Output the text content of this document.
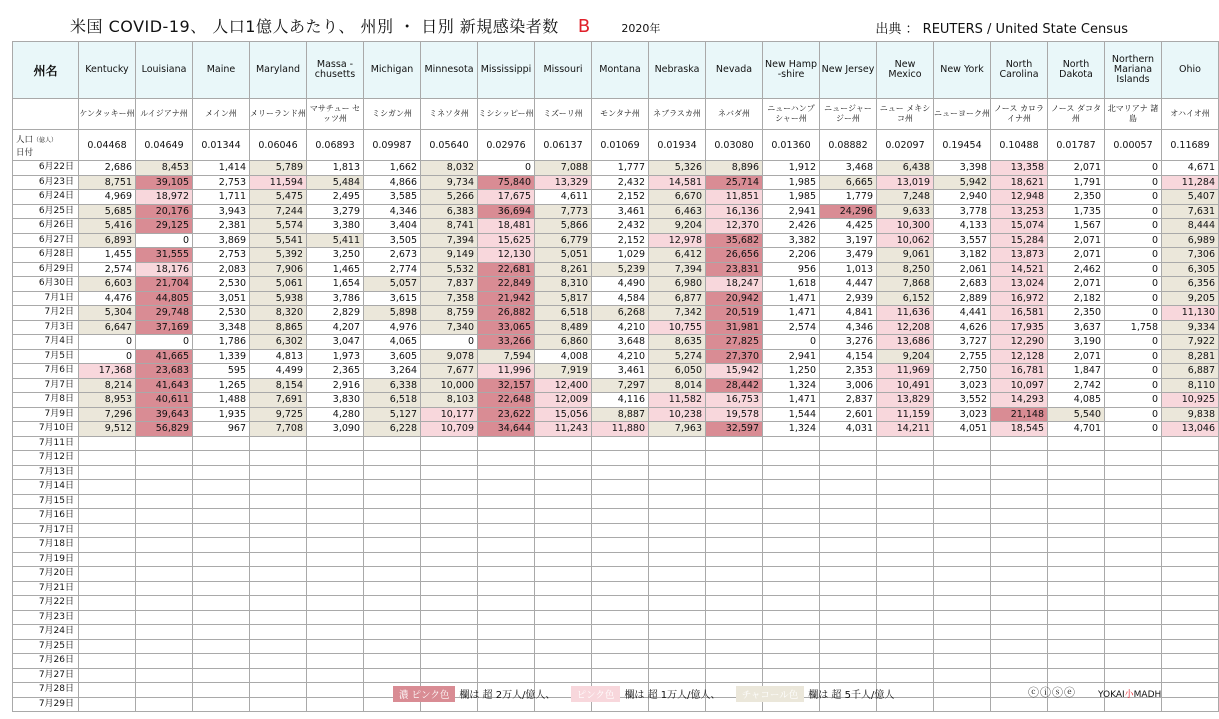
米国 COVID-19、 人口1億人あたり、 州別 ・ 日別 新規感染者数 B	2020年	出典 ： REUTERS / United State Census
州名	Kentucky	Louisiana	Maine	Maryland	Massa -chusetts	Michigan	Minnesota	Mississippi	Missouri	Montana	Nebraska	Nevada	New Hamp -shire	New Jersey	New Mexico	New York	North Carolina	North Dakota	Northern Mariana Islands	Ohio
	ケンタッキー州	ルイジアナ州	メイン州	メリーランド州	マサチュー セッツ州	ミシガン州	ミネソタ州	ミシシッピー州	ミズーリ州	モンタナ州	ネブラスカ州	ネバダ州	ニューハンプ シャー州	ニュージャー ジー州	ニュー メキシコ州	ニューヨーク州	ノース カロライナ州	ノース ダコタ州	北マリアナ 諸島	オハイオ州

人口（億人）
日付	0.04468	0.04649	0.01344	0.06046	0.06893	0.09987	0.05640	0.02976	0.06137	0.01069	0.01934	0.03080	0.01360	0.08882	0.02097	0.19454	0.10488	0.01787	0.00057	0.11689
6月22日	2,686	8,453	1,414	5,789	1,813	1,662	8,032	0	7,088	1,777	5,326	8,896	1,912	3,468	6,438	3,398	13,358	2,071	0	4,671
6月23日	8,751	39,105	2,753	11,594	5,484	4,866	9,734	75,840	13,329	2,432	14,581	25,714	1,985	6,665	13,019	5,942	18,621	1,791	0	11,284
6月24日	4,969	18,972	1,711	5,475	2,495	3,585	5,266	17,675	4,611	2,152	6,670	11,851	1,985	1,779	7,248	2,940	12,948	2,350	0	5,407
6月25日	5,685	20,176	3,943	7,244	3,279	4,346	6,383	36,694	7,773	3,461	6,463	16,136	2,941	24,296	9,633	3,778	13,253	1,735	0	7,631
6月26日	5,416	29,125	2,381	5,574	3,380	3,404	8,741	18,481	5,866	2,432	9,204	12,370	2,426	4,425	10,300	4,133	15,074	1,567	0	8,444
6月27日	6,893	0	3,869	5,541	5,411	3,505	7,394	15,625	6,779	2,152	12,978	35,682	3,382	3,197	10,062	3,557	15,284	2,071	0	6,989
6月28日	1,455	31,555	2,753	5,392	3,250	2,673	9,149	12,130	5,051	1,029	6,412	26,656	2,206	3,479	9,061	3,182	13,873	2,071	0	7,306
6月29日	2,574	18,176	2,083	7,906	1,465	2,774	5,532	22,681	8,261	5,239	7,394	23,831	956	1,013	8,250	2,061	14,521	2,462	0	6,305
6月30日	6,603	21,704	2,530	5,061	1,654	5,057	7,837	22,849	8,310	4,490	6,980	18,247	1,618	4,447	7,868	2,683	13,024	2,071	0	6,356
7月1日	4,476	44,805	3,051	5,938	3,786	3,615	7,358	21,942	5,817	4,584	6,877	20,942	1,471	2,939	6,152	2,889	16,972	2,182	0	9,205
7月2日	5,304	29,748	2,530	8,320	2,829	5,898	8,759	26,882	6,518	6,268	7,342	20,519	1,471	4,841	11,636	4,441	16,581	2,350	0	11,130
7月3日	6,647	37,169	3,348	8,865	4,207	4,976	7,340	33,065	8,489	4,210	10,755	31,981	2,574	4,346	12,208	4,626	17,935	3,637	1,758	9,334
7月4日	0	0	1,786	6,302	3,047	4,065	0	33,266	6,860	3,648	8,635	27,825	0	3,276	13,686	3,727	12,290	3,190	0	7,922
7月5日	0	41,665	1,339	4,813	1,973	3,605	9,078	7,594	4,008	4,210	5,274	27,370	2,941	4,154	9,204	2,755	12,128	2,071	0	8,281
7月6日	17,368	23,683	595	4,499	2,365	3,264	7,677	11,996	7,919	3,461	6,050	15,942	1,250	2,353	11,969	2,750	16,781	1,847	0	6,887
7月7日	8,214	41,643	1,265	8,154	2,916	6,338	10,000	32,157	12,400	7,297	8,014	28,442	1,324	3,006	10,491	3,023	10,097	2,742	0	8,110
7月8日	8,953	40,611	1,488	7,691	3,830	6,518	8,103	22,648	12,009	4,116	11,582	16,753	1,471	2,837	13,829	3,552	14,293	4,085	0	10,925
7月9日	7,296	39,643	1,935	9,725	4,280	5,127	10,177	23,622	15,056	8,887	10,238	19,578	1,544	2,601	11,159	3,023	21,148	5,540	0	9,838
7月10日	9,512	56,829	967	7,708	3,090	6,228	10,709	34,644	11,243	11,880	7,963	32,597	1,324	4,031	14,211	4,051	18,545	4,701	0	13,046
7月11日																				
7月12日																				
7月13日																				
7月14日																				
7月15日																				
7月16日																				
7月17日																				
7月18日																				
7月19日																				
7月20日																				
7月21日																				
7月22日																				
7月23日																				
7月24日																				
7月25日																				
7月26日																				
7月27日																				
7月28日																				
7月29日																				
濃 ピンク色 欄は 超 2万人/億人、 ピンク色 欄は 超 1万人/億人、 チャコール色 欄は 超 5千人/億人	ⓒⓘⓢⓔ YOKAI小MADH
